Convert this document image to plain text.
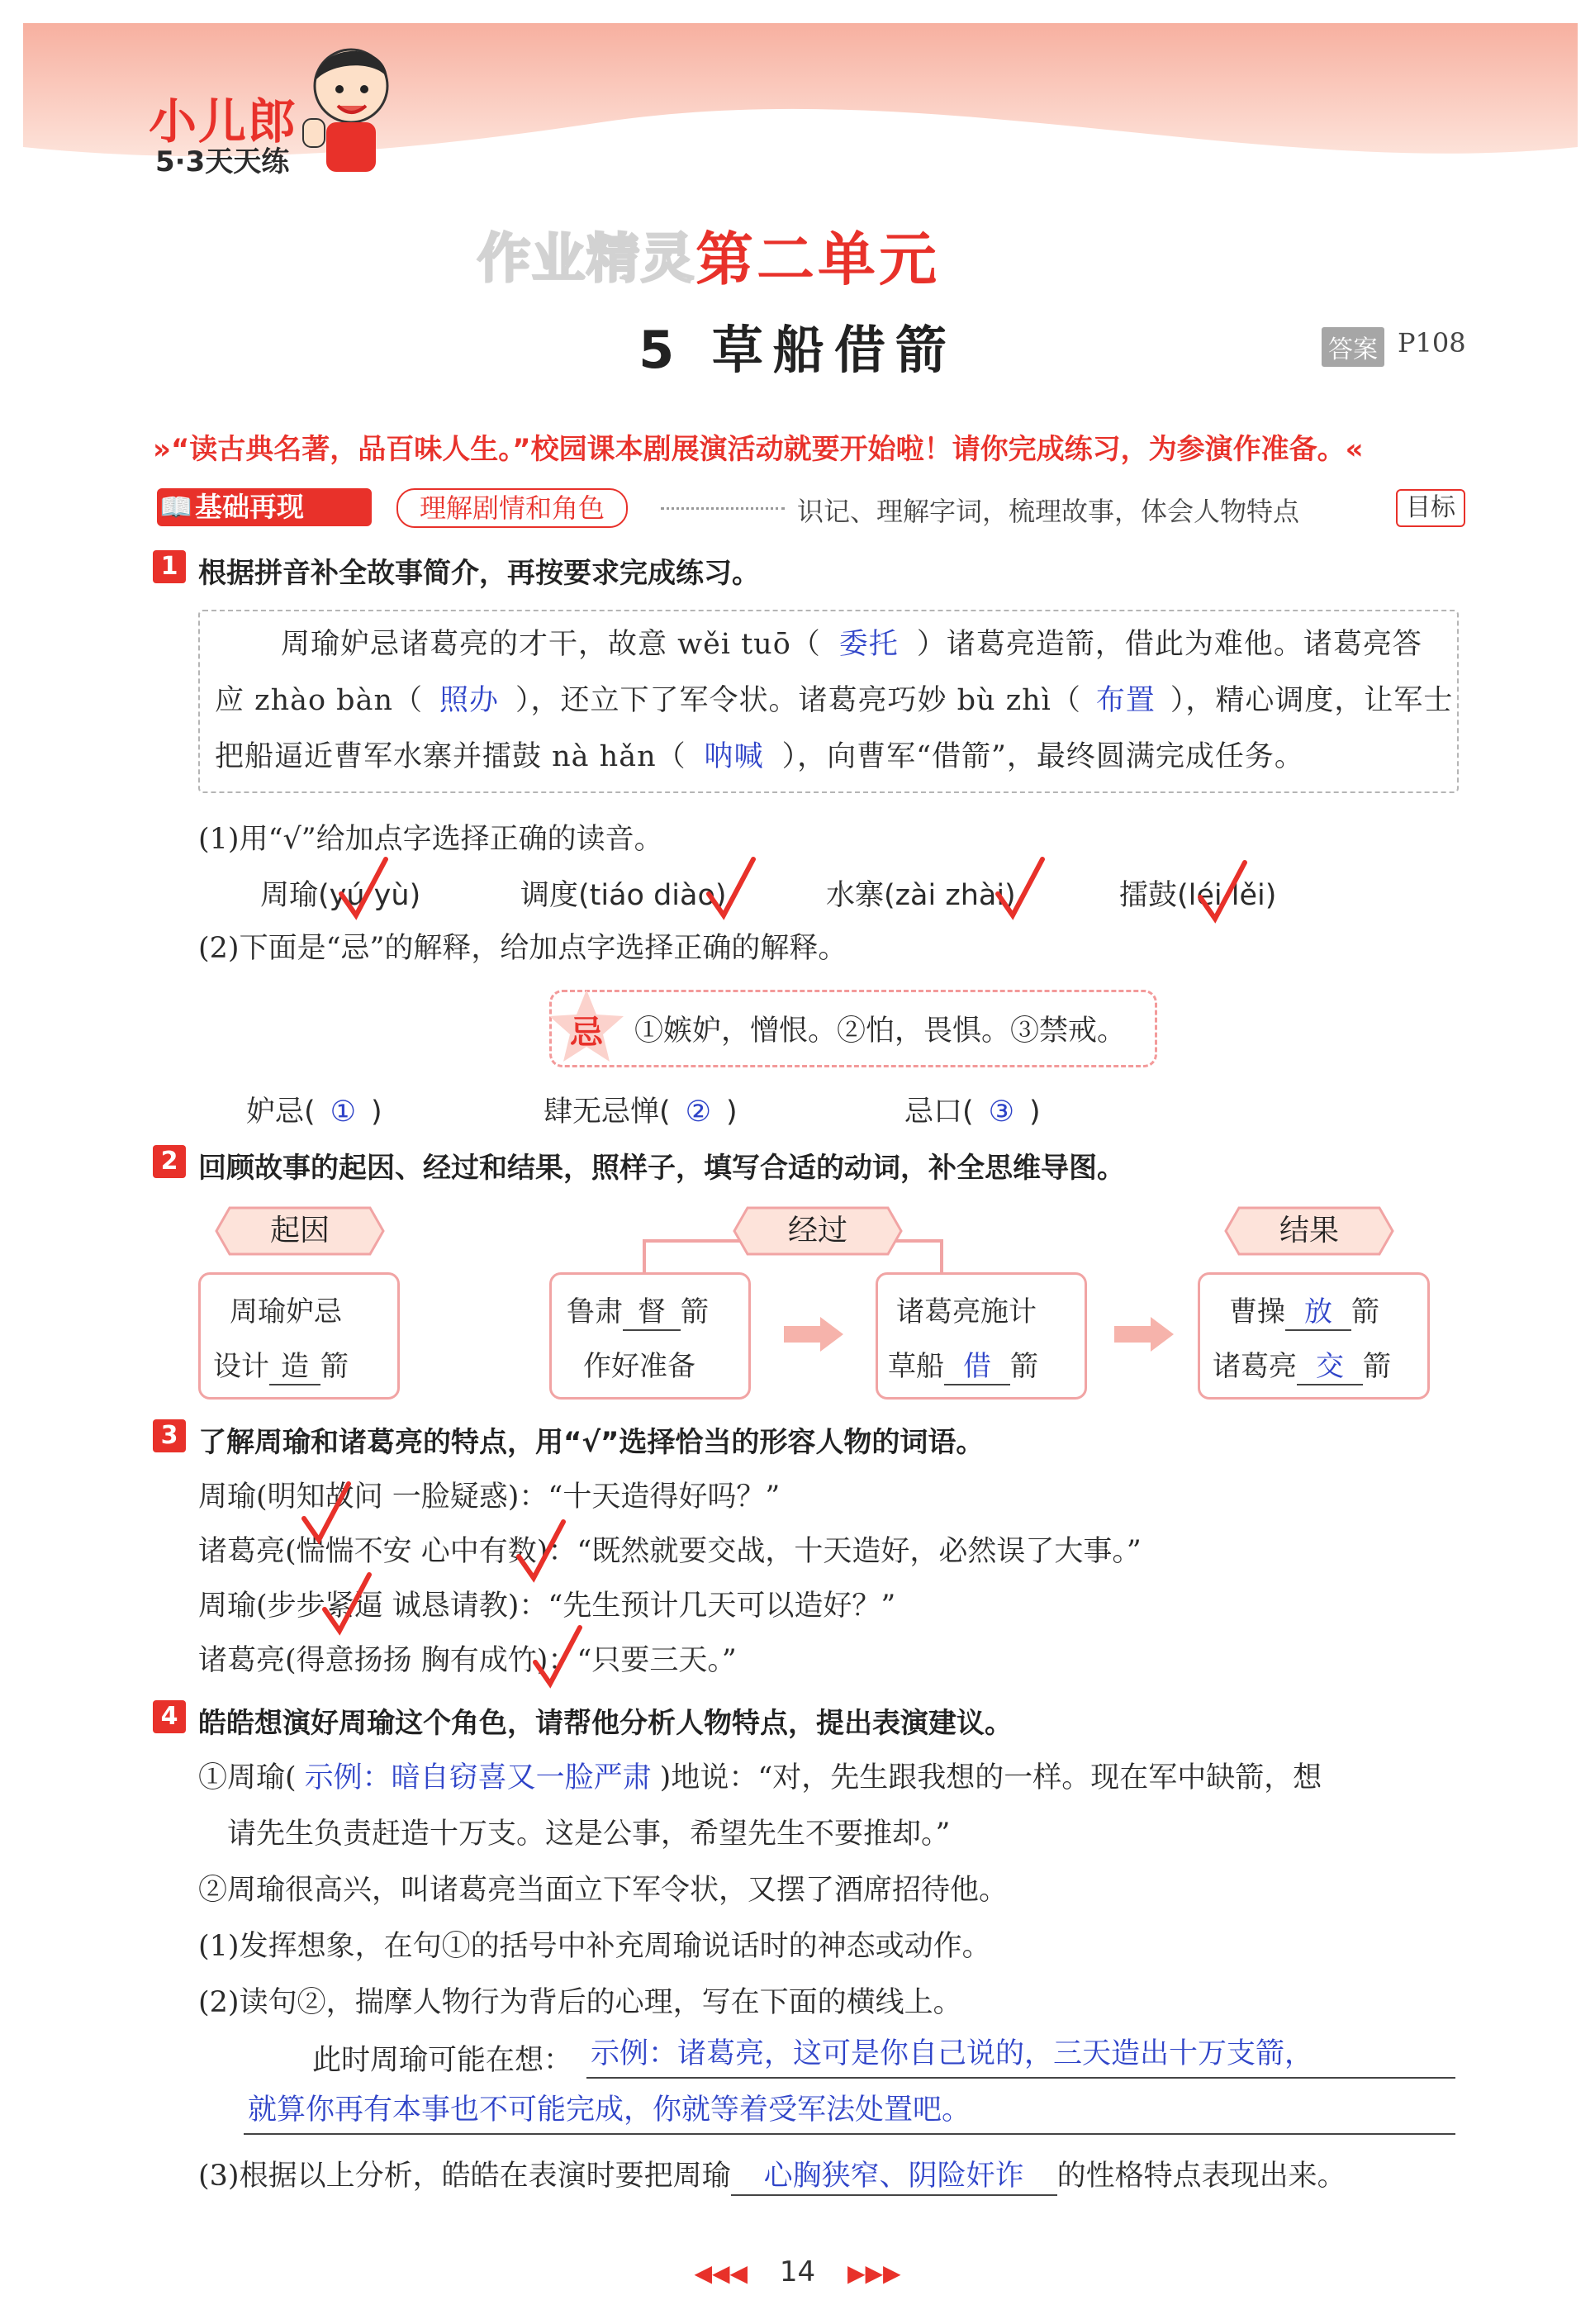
小儿郎
5·3天天练
作业精灵 第二单元
5 草船借箭	答案 P108
»“读古典名著，品百味人生。”校园课本剧展演活动就要开始啦！请你完成练习，为参演作准备。«
📖基础再现	理解剧情和角色	识记、理解字词，梳理故事，体会人物特点	目标
1 根据拼音补全故事简介，再按要求完成练习。
周瑜妒忌诸葛亮的才干，故意 wěi tuō（ 委托 ）诸葛亮造箭，借此为难他。诸葛亮答
应 zhào bàn（ 照办 ），还立下了军令状。诸葛亮巧妙 bù zhì（ 布置 ），精心调度，让军士
把船逼近曹军水寨并擂鼓 nà hǎn（ 呐喊 ），向曹军“借箭”，最终圆满完成任务。
(1)用“√”给加点字选择正确的读音。
周瑜(yú yù)	调度(tiáo diào)	水寨(zài zhài)	擂鼓(léi lěi)
(2)下面是“忌”的解释，给加点字选择正确的解释。
忌 ①嫉妒，憎恨。②怕，畏惧。③禁戒。
妒忌( ① )	肆无忌惮( ② )	忌口( ③ )
2 回顾故事的起因、经过和结果，照样子，填写合适的动词，补全思维导图。
起因	经过	结果
周瑜妒忌
设计 造 箭
鲁肃 督 箭
作好准备
诸葛亮施计
草船 借 箭
曹操 放 箭
诸葛亮 交 箭
3 了解周瑜和诸葛亮的特点，用“√”选择恰当的形容人物的词语。
周瑜(明知故问 一脸疑惑)：“十天造得好吗？”
诸葛亮(惴惴不安 心中有数)：“既然就要交战，十天造好，必然误了大事。”
周瑜(步步紧逼 诚恳请教)：“先生预计几天可以造好？”
诸葛亮(得意扬扬 胸有成竹)：“只要三天。”
4 皓皓想演好周瑜这个角色，请帮他分析人物特点，提出表演建议。
①周瑜( 示例：暗自窃喜又一脸严肃 )地说：“对，先生跟我想的一样。现在军中缺箭，想
请先生负责赶造十万支。这是公事，希望先生不要推却。”
②周瑜很高兴，叫诸葛亮当面立下军令状，又摆了酒席招待他。
(1)发挥想象，在句①的括号中补充周瑜说话时的神态或动作。
(2)读句②，揣摩人物行为背后的心理，写在下面的横线上。
此时周瑜可能在想： 示例：诸葛亮，这可是你自己说的，三天造出十万支箭，
就算你再有本事也不可能完成，你就等着受军法处置吧。
(3)根据以上分析，皓皓在表演时要把周瑜 心胸狭窄、阴险奸诈 的性格特点表现出来。
◀◀◀ 14 ▶▶▶
